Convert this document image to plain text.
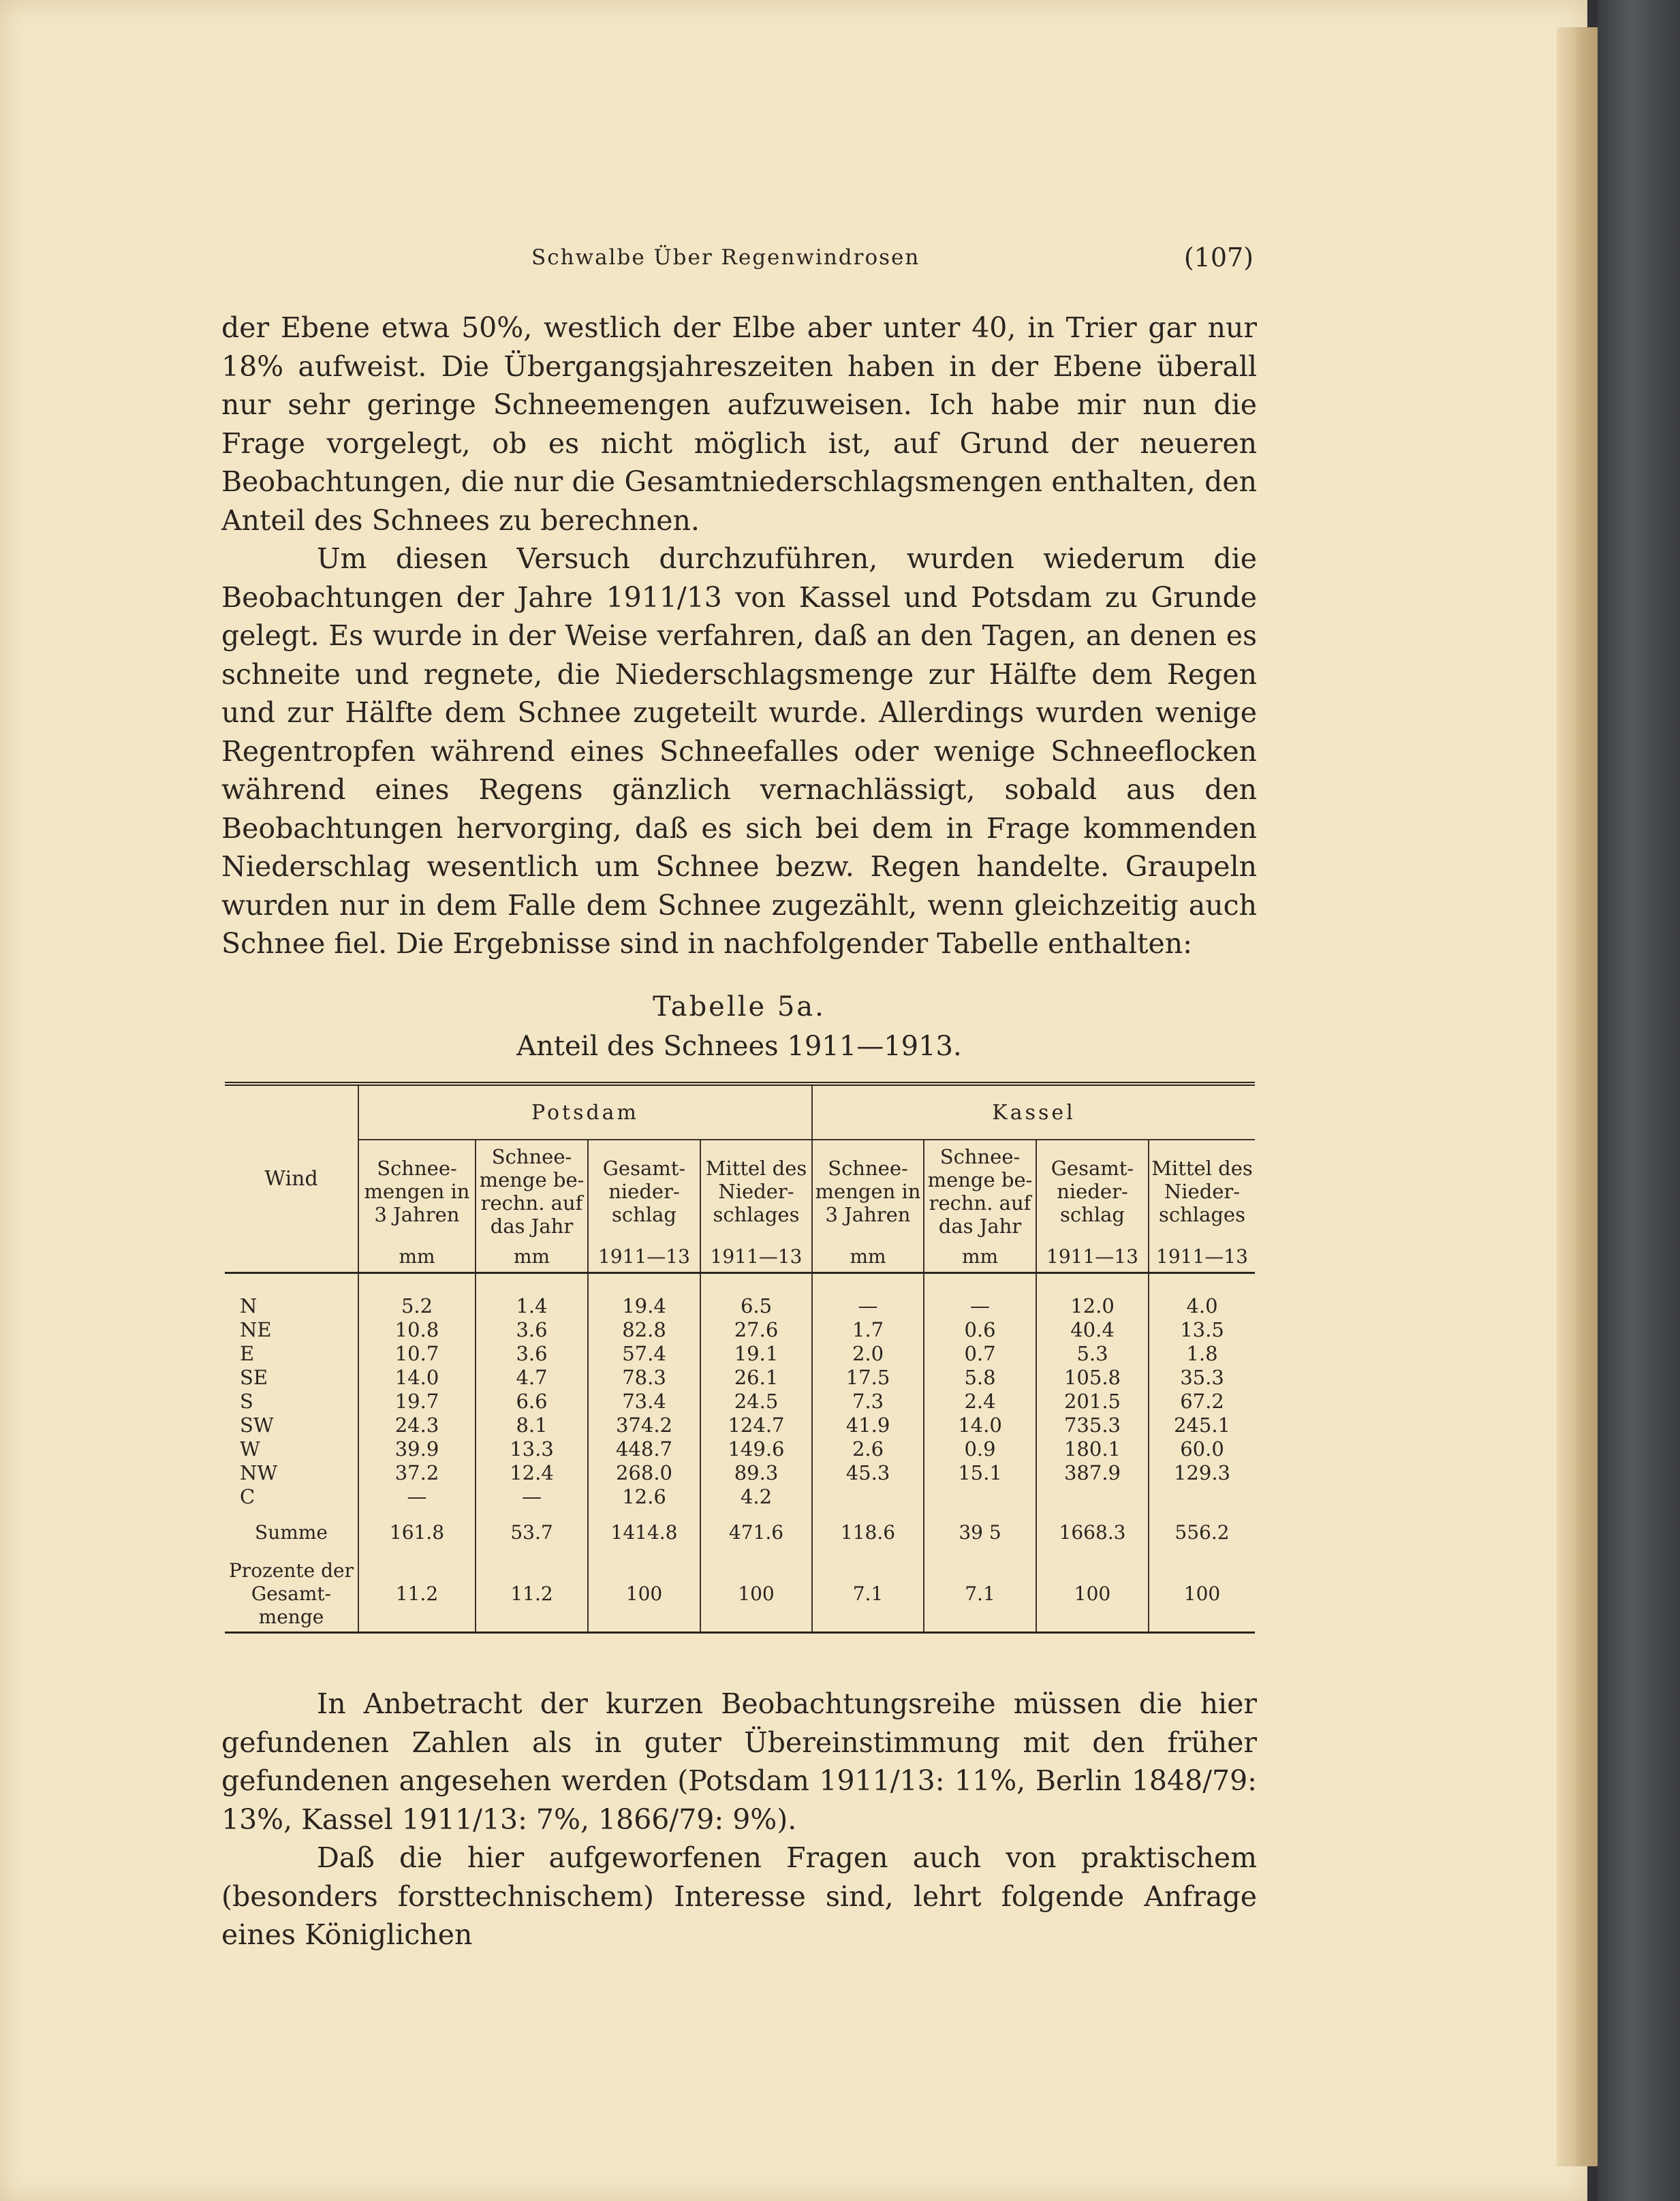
Schwalbe Über Regenwindrosen	(107)

der Ebene etwa 50%, westlich der Elbe aber unter 40, in Trier gar nur 18% aufweist. Die Übergangsjahreszeiten haben in der Ebene überall nur sehr geringe Schneemengen aufzuweisen. Ich habe mir nun die Frage vorgelegt, ob es nicht möglich ist, auf Grund der neueren Beobachtungen, die nur die Gesamtniederschlagsmengen enthalten, den Anteil des Schnees zu berechnen.

Um diesen Versuch durchzuführen, wurden wiederum die Beobachtungen der Jahre 1911/13 von Kassel und Potsdam zu Grunde gelegt. Es wurde in der Weise verfahren, daß an den Tagen, an denen es schneite und regnete, die Niederschlagsmenge zur Hälfte dem Regen und zur Hälfte dem Schnee zugeteilt wurde. Allerdings wurden wenige Regentropfen während eines Schneefalles oder wenige Schneeflocken während eines Regens gänzlich vernachlässigt, sobald aus den Beobachtungen hervorging, daß es sich bei dem in Frage kommenden Niederschlag wesentlich um Schnee bezw. Regen handelte. Graupeln wurden nur in dem Falle dem Schnee zugezählt, wenn gleichzeitig auch Schnee fiel. Die Ergebnisse sind in nachfolgender Tabelle enthalten:

Tabelle 5a.
Anteil des Schnees 1911—1913.
Wind	Potsdam				Kassel			
	Schnee-mengen in 3 Jahren	Schnee-menge be-rechn. auf das Jahr	Gesamt-nieder-schlag	Mittel des Nieder-schlages	Schnee-mengen in 3 Jahren	Schnee-menge be-rechn. auf das Jahr	Gesamt-nieder-schlag	Mittel des Nieder-schlages
	mm	mm	1911—13	1911—13	mm	mm	1911—13	1911—13

N	5.2	1.4	19.4	6.5	—	—	12.0	4.0
NE	10.8	3.6	82.8	27.6	1.7	0.6	40.4	13.5
E	10.7	3.6	57.4	19.1	2.0	0.7	5.3	1.8
SE	14.0	4.7	78.3	26.1	17.5	5.8	105.8	35.3
S	19.7	6.6	73.4	24.5	7.3	2.4	201.5	67.2
SW	24.3	8.1	374.2	124.7	41.9	14.0	735.3	245.1
W	39.9	13.3	448.7	149.6	2.6	0.9	180.1	60.0
NW	37.2	12.4	268.0	89.3	45.3	15.1	387.9	129.3
C	—	—	12.6	4.2				
Summe	161.8	53.7	1414.8	471.6	118.6	39 5	1668.3	556.2
Prozente der Gesamt-menge	11.2	11.2	100	100	7.1	7.1	100	100

In Anbetracht der kurzen Beobachtungsreihe müssen die hier gefundenen Zahlen als in guter Übereinstimmung mit den früher gefundenen angesehen werden (Potsdam 1911/13: 11%, Berlin 1848/79: 13%, Kassel 1911/13: 7%, 1866/79: 9%).

Daß die hier aufgeworfenen Fragen auch von praktischem (besonders forsttechnischem) Interesse sind, lehrt folgende Anfrage eines Königlichen
